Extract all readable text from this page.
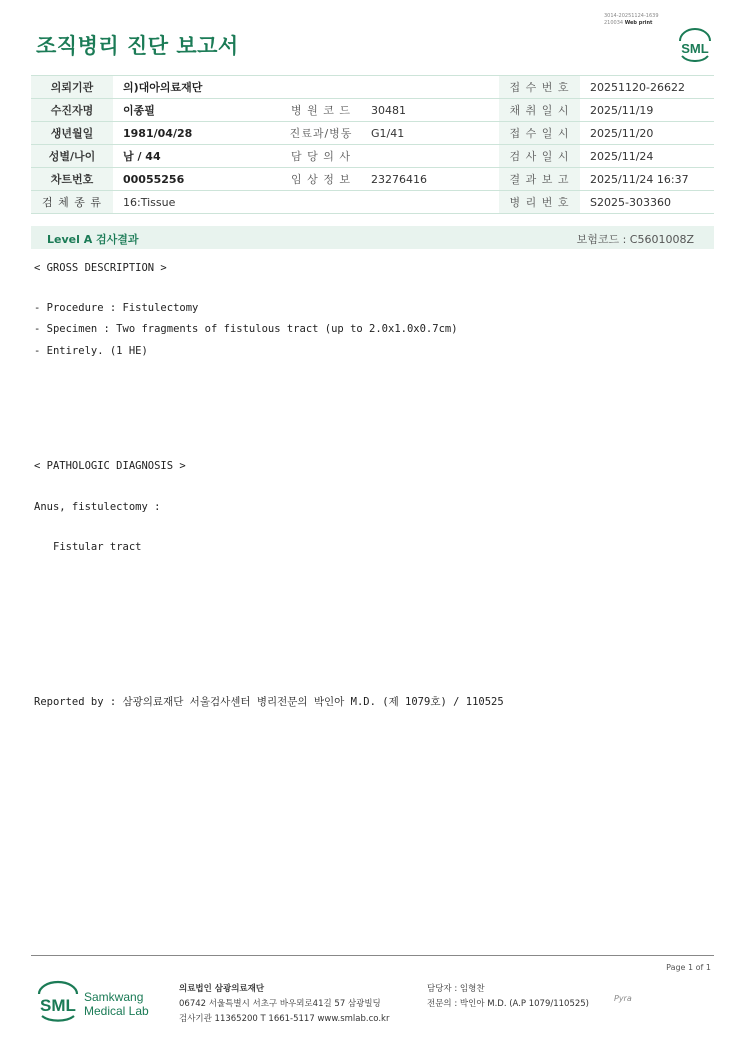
조직병리 진단 보고서
3014-20251124-1639
210034 Web print
SML
의뢰기관	의)대아의료재단			접 수 번 호	20251120-26622
수진자명	이종필	병 원 코 드	30481	채 취 일 시	2025/11/19
생년월일	1981/04/28	진료과/병동	G1/41	접 수 일 시	2025/11/20
성별/나이	남 / 44	담 당 의 사		검 사 일 시	2025/11/24
차트번호	00055256	임 상 정 보	23276416	결 과 보 고	2025/11/24 16:37
검 체 종 류	16:Tissue			병 리 번 호	S2025-303360
Level A 검사결과	보험코드 : C5601008Z
< GROSS DESCRIPTION >
- Procedure : Fistulectomy
- Specimen : Two fragments of fistulous tract (up to 2.0x1.0x0.7cm)
- Entirely. (1 HE)
< PATHOLOGIC DIAGNOSIS >
Anus, fistulectomy :
Fistular tract
Reported by : 삼광의료재단 서울검사센터 병리전문의 박인아 M.D. (제 1079호) / 110525
Page 1 of 1
SML Samkwang
Medical Lab
의료법인 삼광의료재단
06742 서울특별시 서초구 바우뫼로41길 57 삼광빌딩
검사기관 11365200 T 1661-5117 www.smlab.co.kr
담당자 : 임형찬
전문의 : 박인아 M.D. (A.P 1079/110525)
Pyra
